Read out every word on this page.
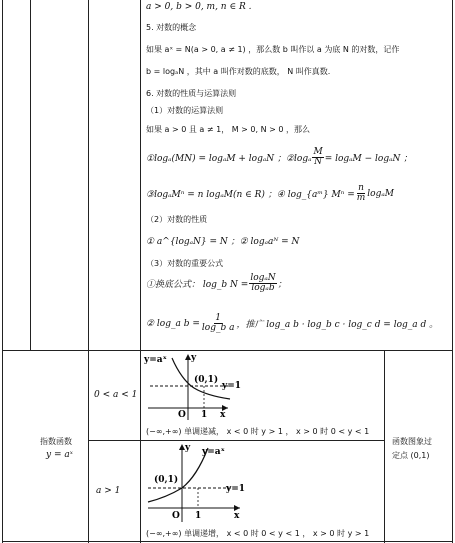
a > 0, b > 0, m, n ∈ R .
5. 对数的概念
如果 aˣ = N(a > 0, a ≠ 1) ，那么数 b 叫作以 a 为底 N 的对数，记作
b = logₐN ，其中 a 叫作对数的底数， N 叫作真数.
6. 对数的性质与运算法则
（1）对数的运算法则
如果 a > 0 且 a ≠ 1， M > 0, N > 0 ，那么
①logₐ(MN) = logₐM + logₐN ；②logₐ $\frac{M}{N} = \log_aM - \log_aN$ ；
③logₐMⁿ = n logₐM(n ∈ R) ；④ log_{aᵐ} $M^n = \frac{n}{m}$ logₐM
（2）对数的性质
① a^{logₐN} = N ；② logₐaᴺ = N
（3）对数的重要公式
①换底公式： log_b $N = \frac{\text{logₐN}}{\text{logₐb}}$ ；
② log_a $b = \frac{1}{\text{log\_b a}}$ ，推广 log_a b · log_b c · log_c d = log_a d 。
指数函数
y = aˣ
0 < a < 1
a > 1
函数图象过
定点 (0,1)
y=aˣ	y
(0,1)
y=1
O 1 x
(−∞,+∞) 单调递减， x < 0 时 y > 1 ， x > 0 时 0 < y < 1
y=aˣ
y
(0,1)
y=1
O 1	x
(−∞,+∞) 单调递增， x < 0 时 0 < y < 1 ， x > 0 时 y > 1
